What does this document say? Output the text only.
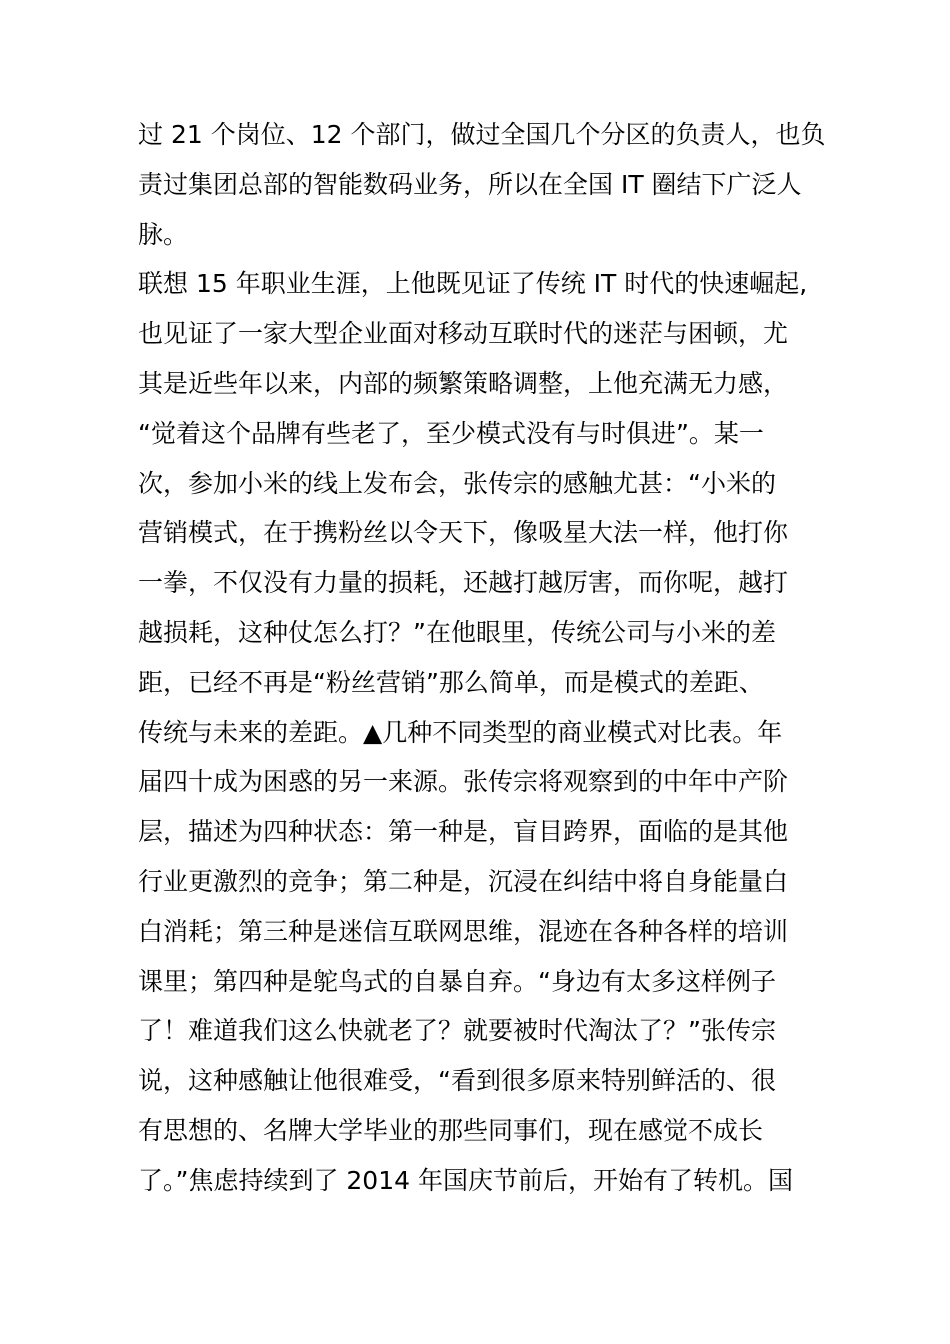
过 21 个岗位、12 个部门，做过全国几个分区的负责人，也负
责过集团总部的智能数码业务，所以在全国 IT 圈结下广泛人
脉。
联想 15 年职业生涯，上他既见证了传统 IT 时代的快速崛起,
也见证了一家大型企业面对移动互联时代的迷茫与困顿，尤
其是近些年以来，内部的频繁策略调整，上他充满无力感，
“觉着这个品牌有些老了，至少模式没有与时俱进”。某一
次，参加小米的线上发布会，张传宗的感触尤甚：“小米的
营销模式，在于携粉丝以令天下，像吸星大法一样，他打你
一拳，不仅没有力量的损耗，还越打越厉害，而你呢，越打
越损耗，这种仗怎么打？”在他眼里，传统公司与小米的差
距，已经不再是“粉丝营销”那么简单，而是模式的差距、
传统与未来的差距。▲几种不同类型的商业模式对比表。年
届四十成为困惑的另一来源。张传宗将观察到的中年中产阶
层，描述为四种状态：第一种是，盲目跨界，面临的是其他
行业更激烈的竞争；第二种是，沉浸在纠结中将自身能量白
白消耗；第三种是迷信互联网思维，混迹在各种各样的培训
课里；第四种是鸵鸟式的自暴自弃。“身边有太多这样例子
了！难道我们这么快就老了？就要被时代淘汰了？”张传宗
说，这种感触让他很难受，“看到很多原来特别鲜活的、很
有思想的、名牌大学毕业的那些同事们，现在感觉不成长
了。”焦虑持续到了 2014 年国庆节前后，开始有了转机。国
